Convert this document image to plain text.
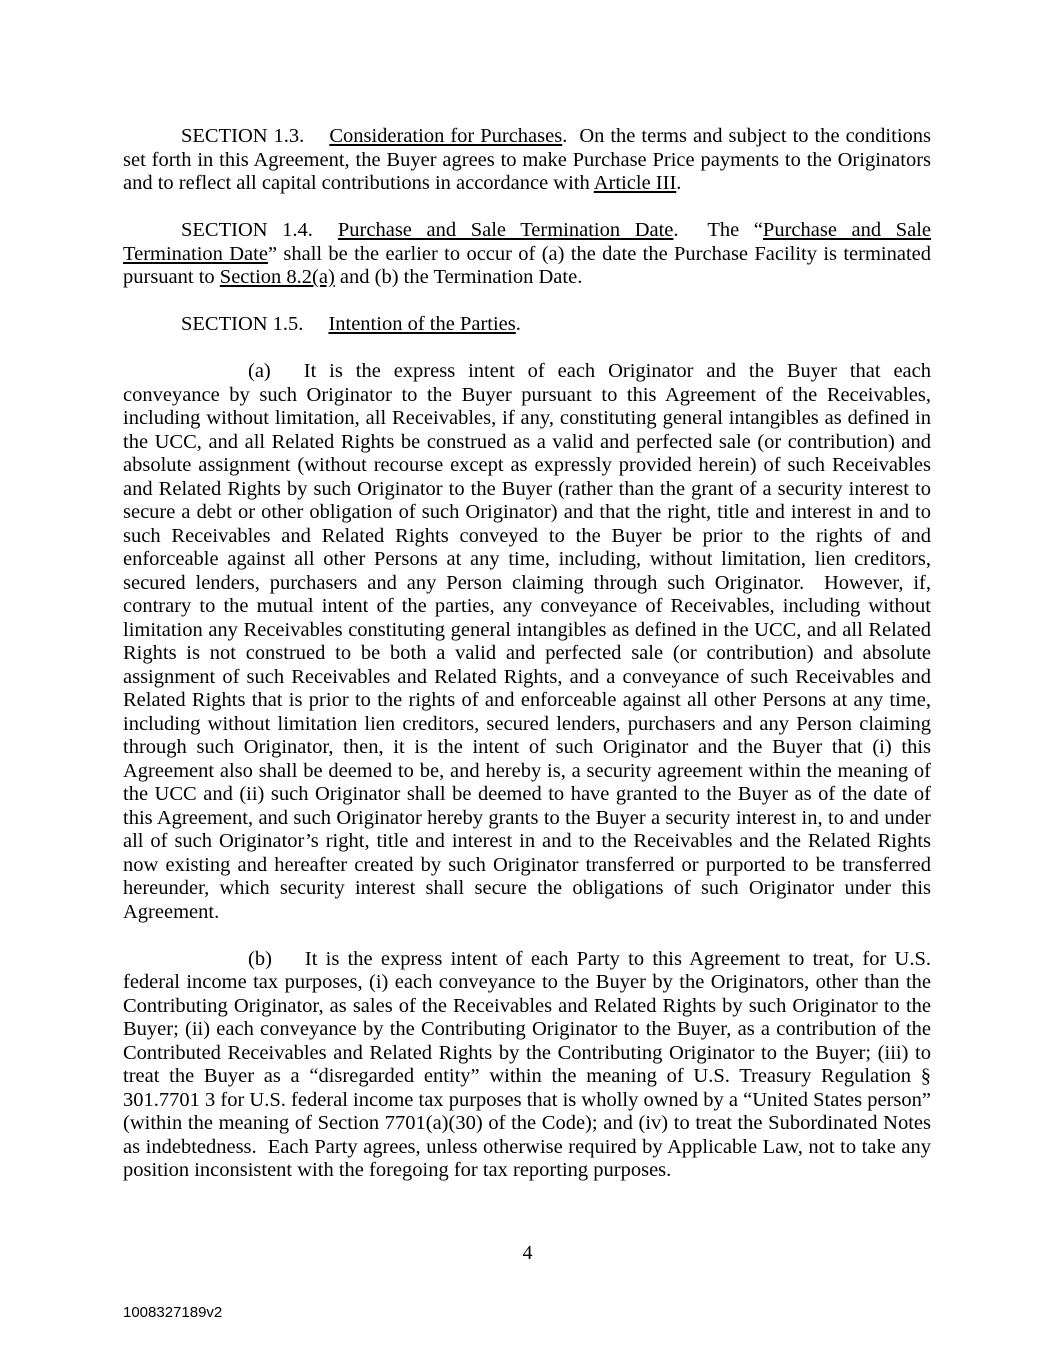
SECTION 1.3. Consideration for Purchases.  On the terms and subject to the conditions set forth in this Agreement, the Buyer agrees to make Purchase Price payments to the Originators and to reflect all capital contributions in accordance with Article III.

SECTION 1.4. Purchase and Sale Termination Date.  The “Purchase and Sale Termination Date” shall be the earlier to occur of (a) the date the Purchase Facility is terminated pursuant to Section 8.2(a) and (b) the Termination Date.

SECTION 1.5. Intention of the Parties.

(a) It is the express intent of each Originator and the Buyer that each conveyance by such Originator to the Buyer pursuant to this Agreement of the Receivables, including without limitation, all Receivables, if any, constituting general intangibles as defined in the UCC, and all Related Rights be construed as a valid and perfected sale (or contribution) and absolute assignment (without recourse except as expressly provided herein) of such Receivables and Related Rights by such Originator to the Buyer (rather than the grant of a security interest to secure a debt or other obligation of such Originator) and that the right, title and interest in and to such Receivables and Related Rights conveyed to the Buyer be prior to the rights of and enforceable against all other Persons at any time, including, without limitation, lien creditors, secured lenders, purchasers and any Person claiming through such Originator.  However, if, contrary to the mutual intent of the parties, any conveyance of Receivables, including without limitation any Receivables constituting general intangibles as defined in the UCC, and all Related Rights is not construed to be both a valid and perfected sale (or contribution) and absolute assignment of such Receivables and Related Rights, and a conveyance of such Receivables and Related Rights that is prior to the rights of and enforceable against all other Persons at any time, including without limitation lien creditors, secured lenders, purchasers and any Person claiming through such Originator, then, it is the intent of such Originator and the Buyer that (i) this Agreement also shall be deemed to be, and hereby is, a security agreement within the meaning of the UCC and (ii) such Originator shall be deemed to have granted to the Buyer as of the date of this Agreement, and such Originator hereby grants to the Buyer a security interest in, to and under all of such Originator’s right, title and interest in and to the Receivables and the Related Rights now existing and hereafter created by such Originator transferred or purported to be transferred hereunder, which security interest shall secure the obligations of such Originator under this Agreement.

(b) It is the express intent of each Party to this Agreement to treat, for U.S. federal income tax purposes, (i) each conveyance to the Buyer by the Originators, other than the Contributing Originator, as sales of the Receivables and Related Rights by such Originator to the Buyer; (ii) each conveyance by the Contributing Originator to the Buyer, as a contribution of the Contributed Receivables and Related Rights by the Contributing Originator to the Buyer; (iii) to treat the Buyer as a “disregarded entity” within the meaning of U.S. Treasury Regulation § 301.7701 3 for U.S. federal income tax purposes that is wholly owned by a “United States person” (within the meaning of Section 7701(a)(30) of the Code); and (iv) to treat the Subordinated Notes as indebtedness.  Each Party agrees, unless otherwise required by Applicable Law, not to take any position inconsistent with the foregoing for tax reporting purposes.

4
1008327189v2
